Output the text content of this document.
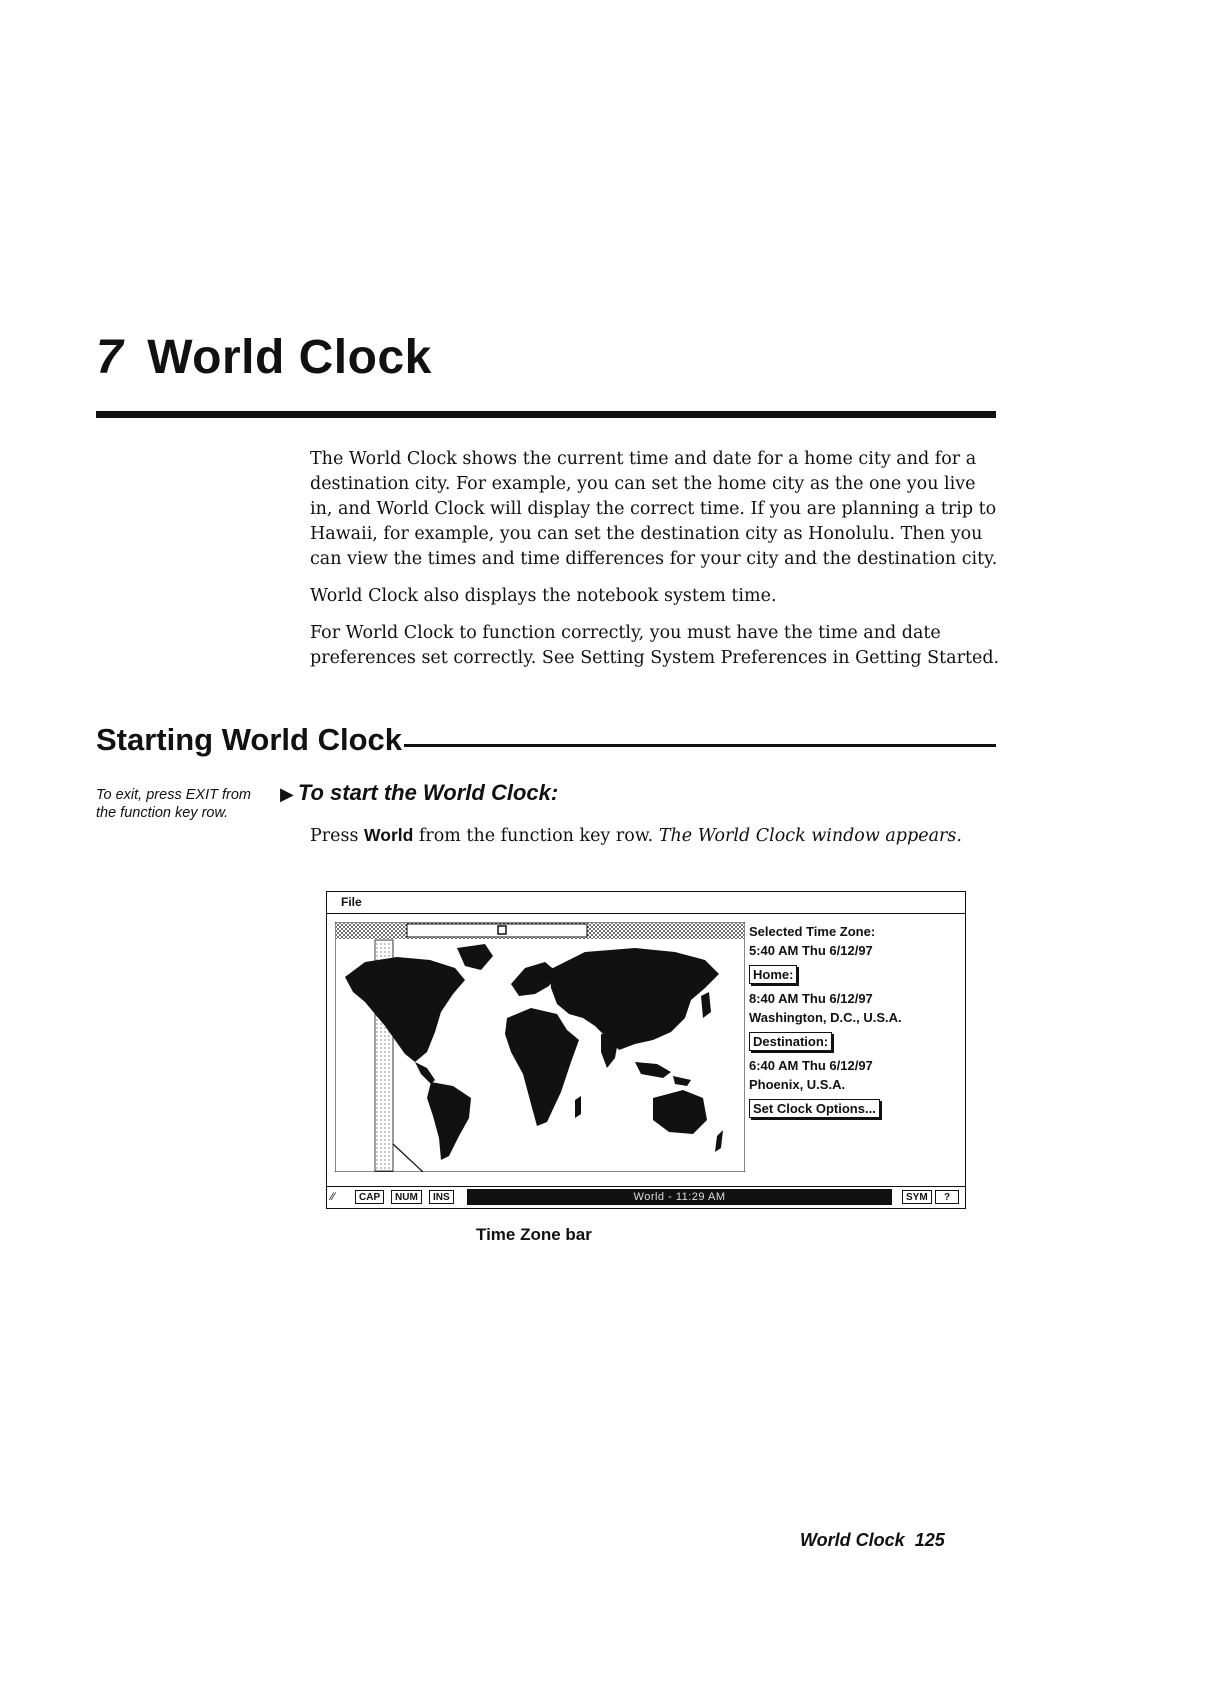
7 World Clock

The World Clock shows the current time and date for a home city and for a destination city. For example, you can set the home city as the one you live in, and World Clock will display the correct time. If you are planning a trip to Hawaii, for example, you can set the destination city as Honolulu. Then you can view the times and time differences for your city and the destination city.

World Clock also displays the notebook system time.

For World Clock to function correctly, you must have the time and date preferences set correctly. See Setting System Preferences in Getting Started.

Starting World Clock
To exit, press EXIT from the function key row.
▶ To start the World Clock:
Press World from the function key row. The World Clock window appears.
File
Selected Time Zone:
5:40 AM Thu 6/12/97
Home:
8:40 AM Thu 6/12/97
Washington, D.C., U.S.A.
Destination:
6:40 AM Thu 6/12/97
Phoenix, U.S.A.
Set Clock Options...
∕∕	CAP	NUM	INS	World - 11:29 AM	SYM	?
Time Zone bar
World Clock 125
